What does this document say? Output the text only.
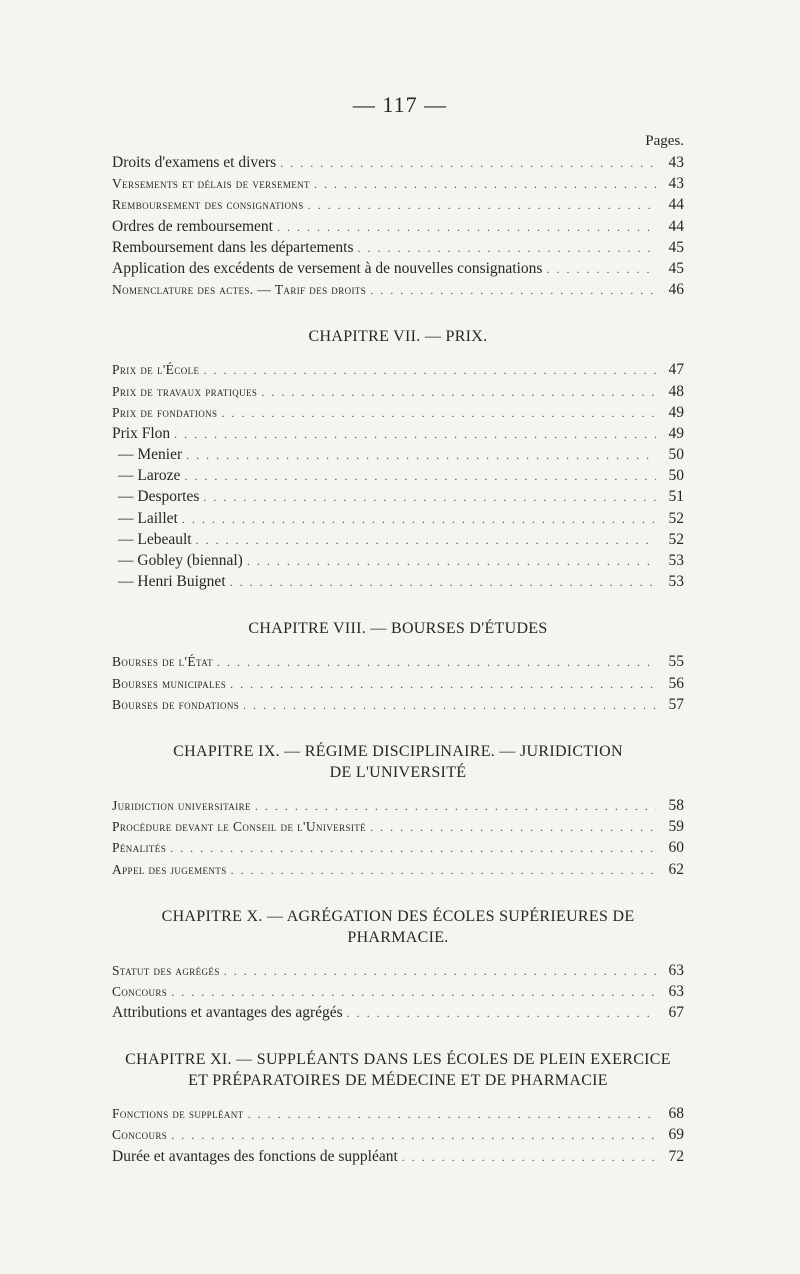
— 117 —
Pages.
Droits d'examens et divers . . .	43
Versements et délais de versement . . .	43
Remboursement des consignations . . .	44
Ordres de remboursement . . .	44
Remboursement dans les départements . . .	45
Application des excédents de versement à de nouvelles consignations . . .	45
Nomenclature des actes. — Tarif des droits . . .	46
CHAPITRE VII. — PRIX.
Prix de l'École . . .	47
Prix de travaux pratiques . . .	48
Prix de fondations . . .	49
Prix Flon . . .	49
— Menier . . .	50
— Laroze . . .	50
— Desportes . . .	51
— Laillet . . .	52
— Lebeault . . .	52
— Gobley (biennal) . . .	53
— Henri Buignet . . .	53
CHAPITRE VIII. — BOURSES D'ÉTUDES
Bourses de l'État . . .	55
Bourses municipales . . .	56
Bourses de fondations . . .	57
CHAPITRE IX. — RÉGIME DISCIPLINAIRE. — JURIDICTION
DE L'UNIVERSITÉ
Juridiction universitaire . . .	58
Procédure devant le Conseil de l'Université . . .	59
Pénalités . . .	60
Appel des jugements . . .	62
CHAPITRE X. — AGRÉGATION DES ÉCOLES SUPÉRIEURES DE PHARMACIE.
Statut des agrégés . . .	63
Concours . . .	63
Attributions et avantages des agrégés . . .	67
CHAPITRE XI. — SUPPLÉANTS DANS LES ÉCOLES DE PLEIN EXERCICE
ET PRÉPARATOIRES DE MÉDECINE ET DE PHARMACIE
Fonctions de suppléant . . .	68
Concours . . .	69
Durée et avantages des fonctions de suppléant . . .	72
